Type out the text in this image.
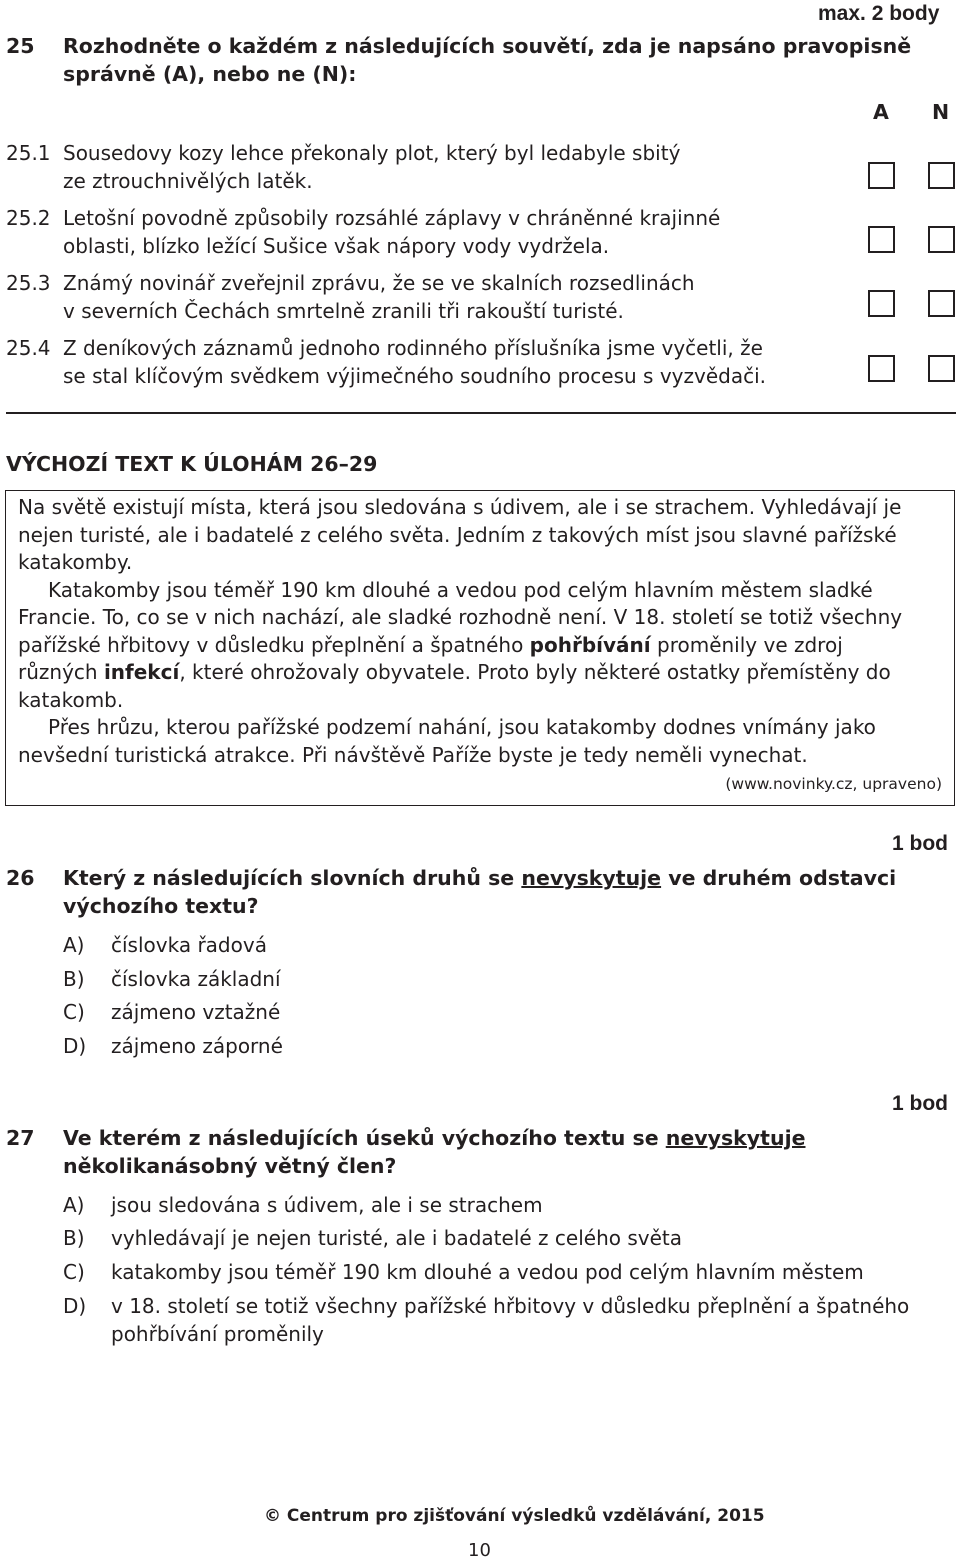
max. 2 body
25 Rozhodněte o každém z následujících souvětí, zda je napsáno pravopisně
správně (A), nebo ne (N):
A N
25.1 Sousedovy kozy lehce překonaly plot, který byl ledabyle sbitý
ze ztrouchnivělých latěk.
25.2 Letošní povodně způsobily rozsáhlé záplavy v chráněnné krajinné
oblasti, blízko ležící Sušice však nápory vody vydržela.
25.3 Známý novinář zveřejnil zprávu, že se ve skalních rozsedlinách
v severních Čechách smrtelně zranili tři rakouští turisté.
25.4 Z deníkových záznamů jednoho rodinného příslušníka jsme vyčetli, že
se stal klíčovým svědkem výjimečného soudního procesu s vyzvědači.
VÝCHOZÍ TEXT K ÚLOHÁM 26–29

Na světě existují místa, která jsou sledována s údivem, ale i se strachem. Vyhledávají je

nejen turisté, ale i badatelé z celého světa. Jedním z takových míst jsou slavné pařížské

katakomby.

Katakomby jsou téměř 190 km dlouhé a vedou pod celým hlavním městem sladké

Francie. To, co se v nich nachází, ale sladké rozhodně není. V 18. století se totiž všechny

pařížské hřbitovy v důsledku přeplnění a špatného pohřbívání proměnily ve zdroj

různých infekcí, které ohrožovaly obyvatele. Proto byly některé ostatky přemístěny do

katakomb.

Přes hrůzu, kterou pařížské podzemí nahání, jsou katakomby dodnes vnímány jako

nevšední turistická atrakce. Při návštěvě Paříže byste je tedy neměli vynechat.

(www.novinky.cz, upraveno)
1 bod
26 Který z následujících slovních druhů se nevyskytuje ve druhém odstavci
výchozího textu?
A) číslovka řadová
B) číslovka základní
C) zájmeno vztažné
D) zájmeno záporné
1 bod
27 Ve kterém z následujících úseků výchozího textu se nevyskytuje
několikanásobný větný člen?
A) jsou sledována s údivem, ale i se strachem
B) vyhledávají je nejen turisté, ale i badatelé z celého světa
C) katakomby jsou téměř 190 km dlouhé a vedou pod celým hlavním městem
D) v 18. století se totiž všechny pařížské hřbitovy v důsledku přeplnění a špatného
pohřbívání proměnily
© Centrum pro zjišťování výsledků vzdělávání, 2015
10
